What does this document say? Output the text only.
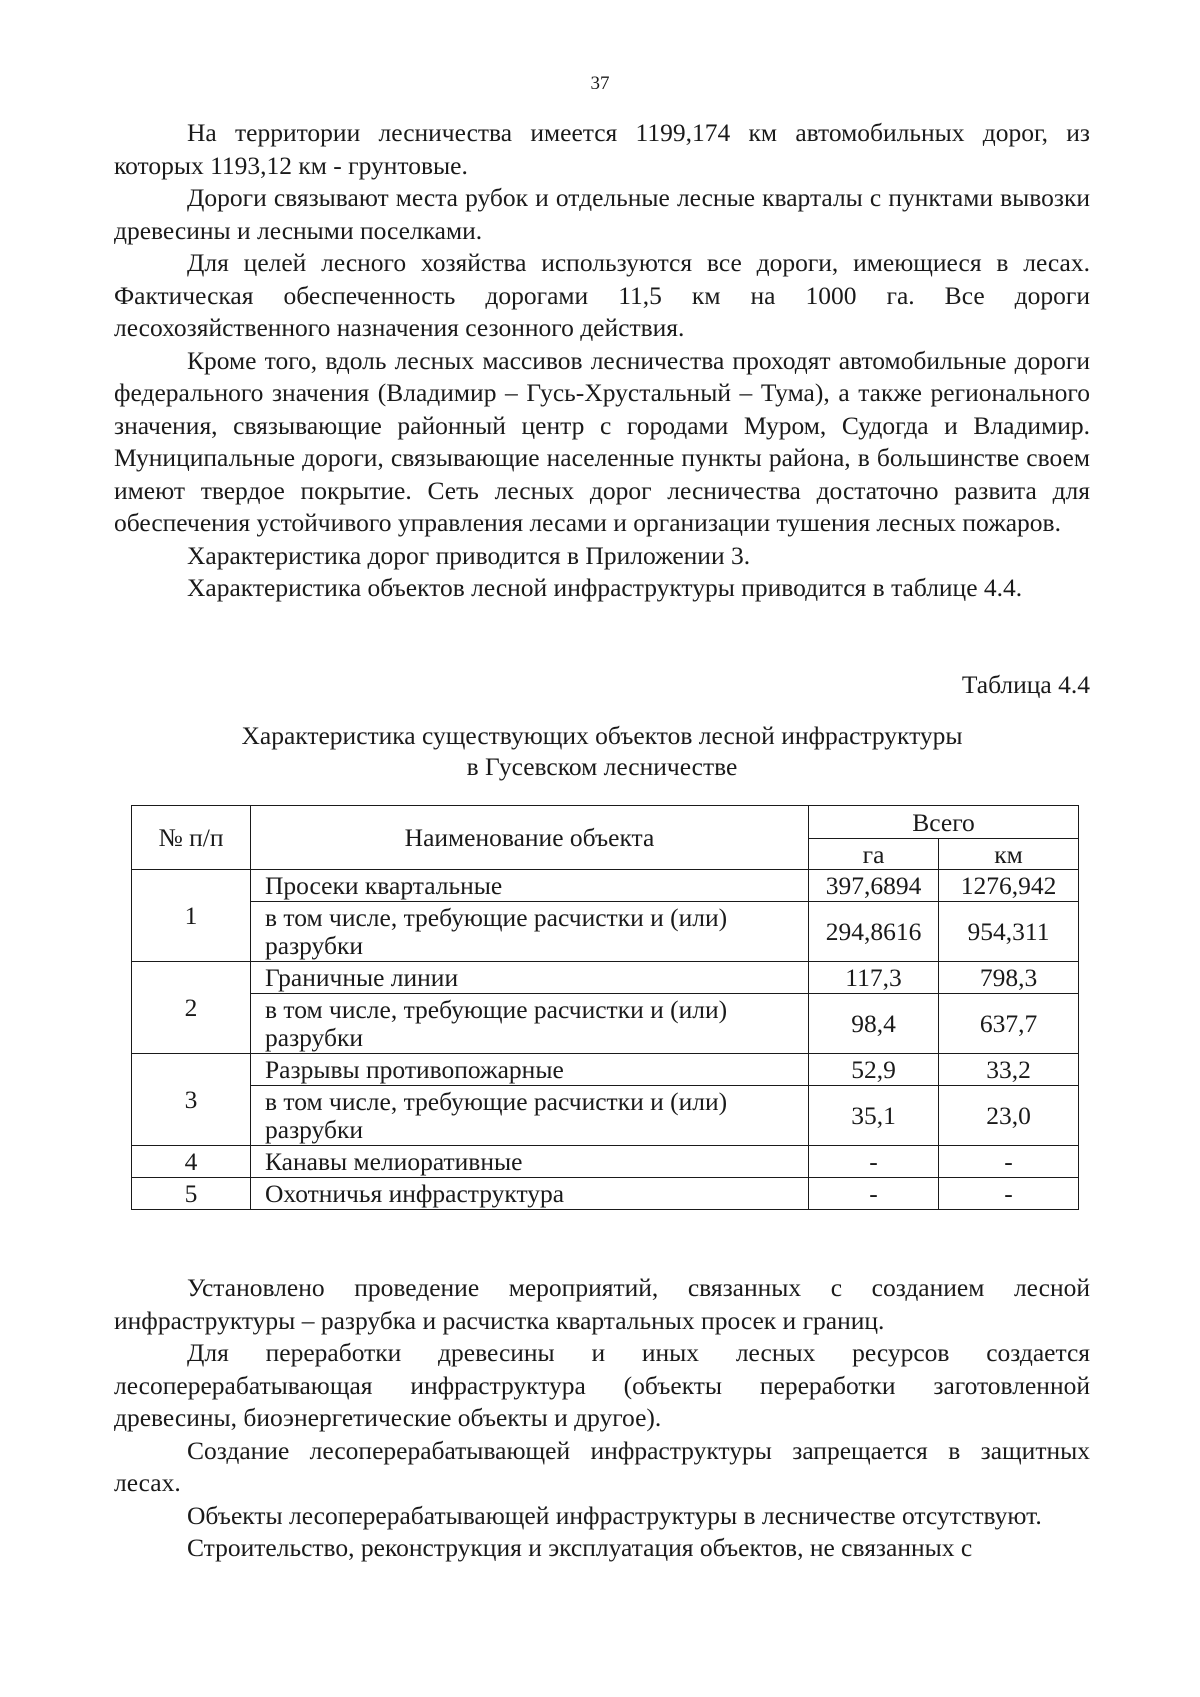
37

На территории лесничества имеется 1199,174 км автомобильных дорог, из которых 1193,12 км - грунтовые.

Дороги связывают места рубок и отдельные лесные кварталы с пунктами вывозки древесины и лесными поселками.

Для целей лесного хозяйства используются все дороги, имеющиеся в лесах. Фактическая обеспеченность дорогами 11,5 км на 1000 га. Все дороги лесохозяйственного назначения сезонного действия.

Кроме того, вдоль лесных массивов лесничества проходят автомобильные дороги федерального значения (Владимир – Гусь-Хрустальный – Тума), а также регионального значения, связывающие районный центр с городами Муром, Судогда и Владимир. Муниципальные дороги, связывающие населенные пункты района, в большинстве своем имеют твердое покрытие. Сеть лесных дорог лесничества достаточно развита для обеспечения устойчивого управления лесами и организации тушения лесных пожаров.

Характеристика дорог приводится в Приложении 3.

Характеристика объектов лесной инфраструктуры приводится в таблице 4.4.

Таблица 4.4
Характеристика существующих объектов лесной инфраструктуры
в Гусевском лесничестве
№ п/п	Наименование объекта	Всего	
		га	км
1	Просеки квартальные	397,6894	1276,942
	в том числе, требующие расчистки и (или) разрубки	294,8616	954,311
2	Граничные линии	117,3	798,3
	в том числе, требующие расчистки и (или) разрубки	98,4	637,7
3	Разрывы противопожарные	52,9	33,2
	в том числе, требующие расчистки и (или) разрубки	35,1	23,0
4	Канавы мелиоративные	-	-
5	Охотничья инфраструктура	-	-

Установлено проведение мероприятий, связанных с созданием лесной инфраструктуры – разрубка и расчистка квартальных просек и границ.

Для переработки древесины и иных лесных ресурсов создается лесоперерабатывающая инфраструктура (объекты переработки заготовленной древесины, биоэнергетические объекты и другое).

Создание лесоперерабатывающей инфраструктуры запрещается в защитных лесах.

Объекты лесоперерабатывающей инфраструктуры в лесничестве отсутствуют.

Строительство, реконструкция и эксплуатация объектов, не связанных с
